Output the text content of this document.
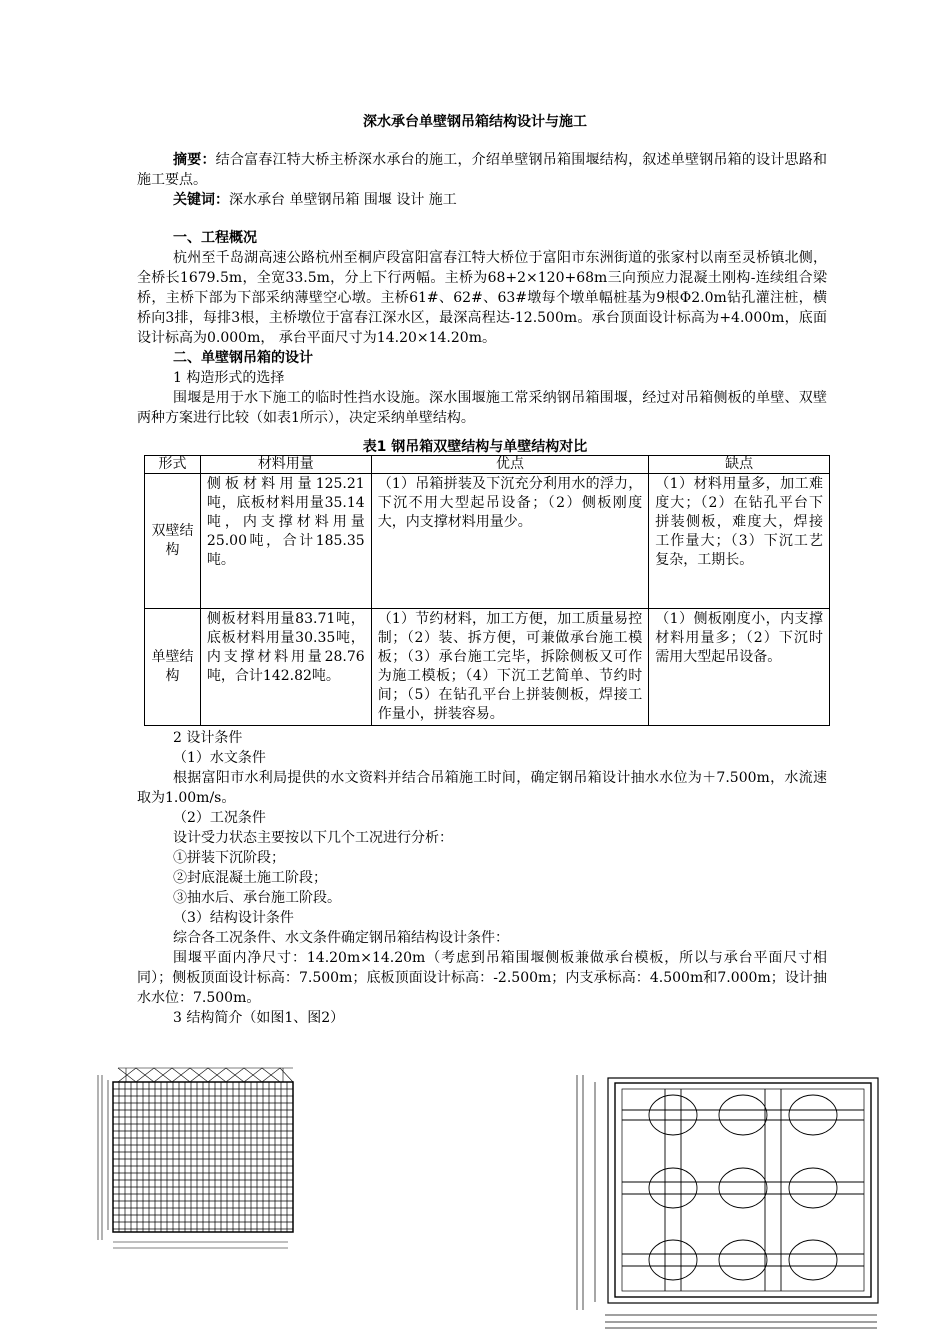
深水承台单壁钢吊箱结构设计与施工

摘要：结合富春江特大桥主桥深水承台的施工，介绍单壁钢吊箱围堰结构，叙述单壁钢吊箱的设计思路和施工要点。

关键词：深水承台 单壁钢吊箱 围堰 设计 施工

一、工程概况

杭州至千岛湖高速公路杭州至桐庐段富阳富春江特大桥位于富阳市东洲街道的张家村以南至灵桥镇北侧，全桥长1679.5m，全宽33.5m，分上下行两幅。主桥为68+2×120+68m三向预应力混凝土刚构-连续组合梁桥，主桥下部为下部采纳薄壁空心墩。主桥61#、62#、63#墩每个墩单幅桩基为9根Φ2.0m钻孔灌注桩，横桥向3排，每排3根，主桥墩位于富春江深水区，最深高程达-12.500m。承台顶面设计标高为+4.000m，底面设计标高为0.000m， 承台平面尺寸为14.20×14.20m。

二、单壁钢吊箱的设计

1 构造形式的选择

围堰是用于水下施工的临时性挡水设施。深水围堰施工常采纳钢吊箱围堰，经过对吊箱侧板的单壁、双壁两种方案进行比较（如表1所示），决定采纳单壁结构。

表1 钢吊箱双壁结构与单壁结构对比
形式	材料用量	优点	缺点
双壁结构	侧板材料用量125.21吨，底板材料用量35.14吨，内支撑材料用量25.00吨，合计185.35吨。	（1）吊箱拼装及下沉充分利用水的浮力，下沉不用大型起吊设备；（2）侧板刚度大，内支撑材料用量少。	（1）材料用量多，加工难度大；（2）在钻孔平台下拼装侧板，难度大，焊接工作量大；（3）下沉工艺复杂，工期长。
单壁结构	侧板材料用量83.71吨，底板材料用量30.35吨，内支撑材料用量28.76吨，合计142.82吨。	（1）节约材料，加工方便，加工质量易控制；（2）装、拆方便，可兼做承台施工模板；（3）承台施工完毕，拆除侧板又可作为施工模板；（4）下沉工艺简单、节约时间；（5）在钻孔平台上拼装侧板，焊接工作量小，拼装容易。	（1）侧板刚度小，内支撑材料用量多；（2）下沉时需用大型起吊设备。

2 设计条件

（1）水文条件

根据富阳市水利局提供的水文资料并结合吊箱施工时间，确定钢吊箱设计抽水水位为＋7.500m，水流速取为1.00m/s。

（2）工况条件

设计受力状态主要按以下几个工况进行分析：

①拼装下沉阶段；

②封底混凝土施工阶段；

③抽水后、承台施工阶段。

（3）结构设计条件

综合各工况条件、水文条件确定钢吊箱结构设计条件：

围堰平面内净尺寸：14.20m×14.20m（考虑到吊箱围堰侧板兼做承台模板，所以与承台平面尺寸相同）；侧板顶面设计标高：7.500m；底板顶面设计标高：-2.500m；内支承标高：4.500m和7.000m；设计抽水水位：7.500m。

3 结构简介（如图1、图2）
